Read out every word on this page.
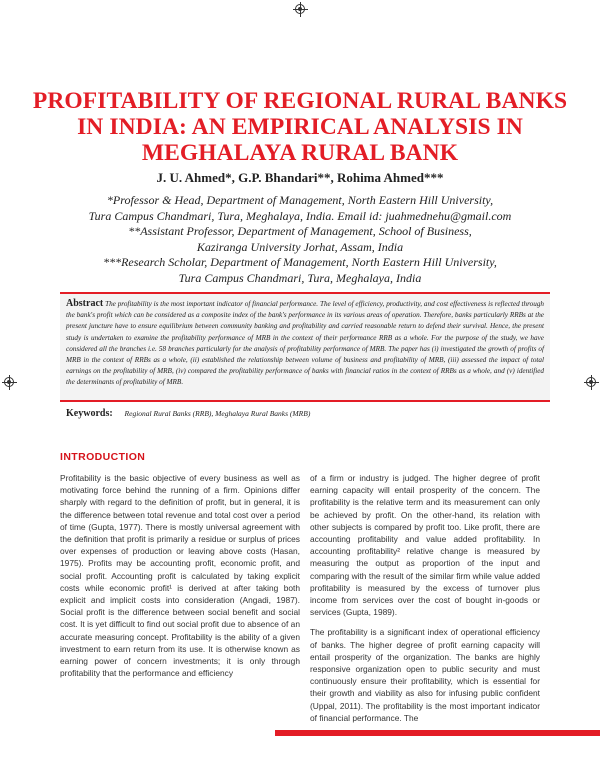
PROFITABILITY OF REGIONAL RURAL BANKS IN INDIA: AN EMPIRICAL ANALYSIS IN MEGHALAYA RURAL BANK
J. U. Ahmed*, G.P. Bhandari**, Rohima Ahmed***
*Professor & Head, Department of Management, North Eastern Hill University,
Tura Campus Chandmari, Tura, Meghalaya, India. Email id: juahmednehu@gmail.com
**Assistant Professor, Department of Management, School of Business,
Kaziranga University Jorhat, Assam, India
***Research Scholar, Department of Management, North Eastern Hill University,
Tura Campus Chandmari, Tura, Meghalaya, India
Abstract The profitability is the most important indicator of financial performance. The level of efficiency, productivity, and cost effectiveness is reflected through the bank's profit which can be considered as a composite index of the bank's performance in its various areas of operation. Therefore, banks particularly RRBs at the present juncture have to ensure equilibrium between community banking and profitability and carried reasonable return to defend their survival. Hence, the present study is undertaken to examine the profitability performance of MRB in the context of their performance RRB as a whole. For the purpose of the study, we have considered all the branches i.e. 58 branches particularly for the analysis of profitability performance of MRB. The paper has (i) investigated the growth of profits of MRB in the context of RRBs as a whole, (ii) established the relationship between volume of business and profitability of MRB, (iii) assessed the impact of total earnings on the profitability of MRB, (iv) compared the profitability performance of banks with financial ratios in the context of RRBs as a whole, and (v) identified the determinants of profitability of MRB.
Keywords: Regional Rural Banks (RRB), Meghalaya Rural Banks (MRB)
INTRODUCTION

Profitability is the basic objective of every business as well as motivating force behind the running of a firm. Opinions differ sharply with regard to the definition of profit, but in general, it is the difference between total revenue and total cost over a period of time (Gupta, 1977). There is mostly universal agreement with the definition that profit is primarily a residue or surplus of prices over expenses of production or leaving above costs (Hasan, 1975). Profits may be accounting profit, economic profit, and social profit. Accounting profit is calculated by taking explicit costs while economic profit¹ is derived at after taking both explicit and implicit costs into consideration (Angadi, 1987). Social profit is the difference between social benefit and social cost. It is yet difficult to find out social profit due to absence of an accurate measuring concept. Profitability is the ability of a given investment to earn return from its use. It is otherwise known as earning power of concern investments; it is only through profitability that the performance and efficiency

of a firm or industry is judged. The higher degree of profit earning capacity will entail prosperity of the concern. The profitability is the relative term and its measurement can only be achieved by profit. On the other-hand, its relation with other subjects is compared by profit too. Like profit, there are accounting profitability and value added profitability. In accounting profitability² relative change is measured by measuring the output as proportion of the input and comparing with the result of the similar firm while value added profitability is measured by the excess of turnover plus income from services over the cost of bought in-goods or services (Gupta, 1989).

The profitability is a significant index of operational efficiency of banks. The higher degree of profit earning capacity will entail prosperity of the organization. The banks are highly responsive organization open to public security and must continuously ensure their profitability, which is essential for their growth and viability as also for infusing public confident (Uppal, 2011). The profitability is the most important indicator of financial performance. The
